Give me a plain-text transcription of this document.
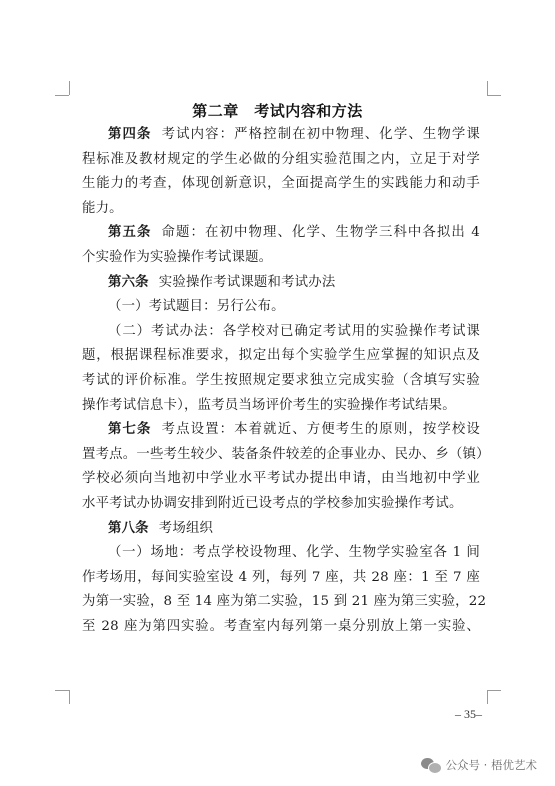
第二章　考试内容和方法
第四条 考试内容：严格控制在初中物理、化学、生物学课
程标准及教材规定的学生必做的分组实验范围之内，立足于对学
生能力的考查，体现创新意识，全面提高学生的实践能力和动手
能力。
第五条 命题：在初中物理、化学、生物学三科中各拟出 4
个实验作为实验操作考试课题。
第六条 实验操作考试课题和考试办法
（一）考试题目：另行公布。
（二）考试办法：各学校对已确定考试用的实验操作考试课
题，根据课程标准要求，拟定出每个实验学生应掌握的知识点及
考试的评价标准。学生按照规定要求独立完成实验（含填写实验
操作考试信息卡），监考员当场评价考生的实验操作考试结果。
第七条 考点设置：本着就近、方便考生的原则，按学校设
置考点。一些考生较少、装备条件较差的企事业办、民办、乡（镇）
学校必须向当地初中学业水平考试办提出申请，由当地初中学业
水平考试办协调安排到附近已设考点的学校参加实验操作考试。
第八条 考场组织
（一）场地：考点学校设物理、化学、生物学实验室各 1 间
作考场用，每间实验室设 4 列，每列 7 座，共 28 座：1 至 7 座
为第一实验，8 至 14 座为第二实验，15 到 21 座为第三实验，22
至 28 座为第四实验。考查室内每列第一桌分别放上第一实验、
– 35–
公众号 · 梧优艺术
